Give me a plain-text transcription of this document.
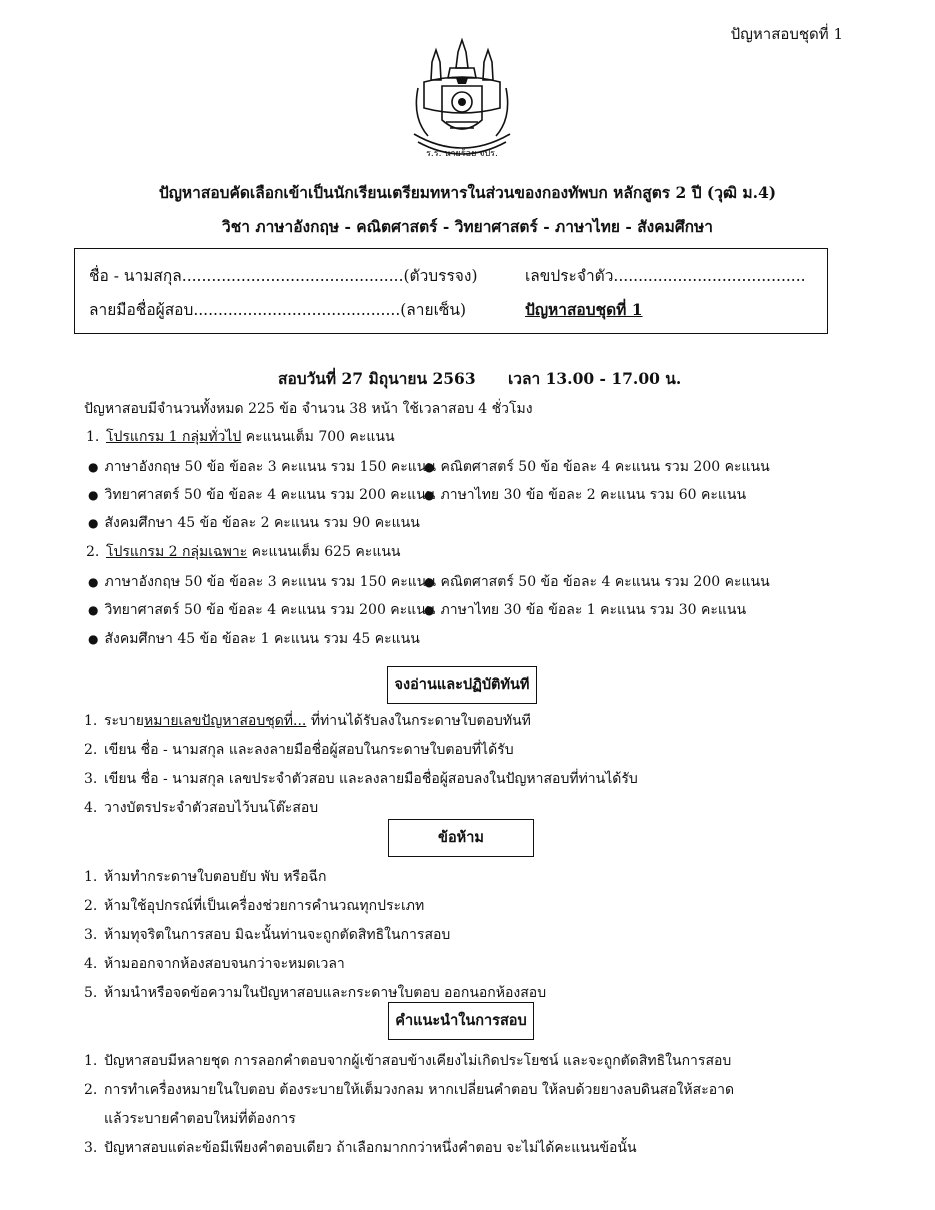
ปัญหาสอบชุดที่ 1
ร.ร. นายร้อย จปร.
ปัญหาสอบคัดเลือกเข้าเป็นนักเรียนเตรียมทหารในส่วนของกองทัพบก หลักสูตร 2 ปี (วุฒิ ม.4)
วิชา ภาษาอังกฤษ - คณิตศาสตร์ - วิทยาศาสตร์ - ภาษาไทย - สังคมศึกษา
ชื่อ - นามสกุล.............................................(ตัวบรรจง)	เลขประจำตัว.......................................
ลายมือชื่อผู้สอบ..........................................(ลายเซ็น)	ปัญหาสอบชุดที่ 1
สอบวันที่ 27 มิถุนายน 2563 เวลา 13.00 - 17.00 น.
ปัญหาสอบมีจำนวนทั้งหมด 225 ข้อ จำนวน 38 หน้า ใช้เวลาสอบ 4 ชั่วโมง
1. โปรแกรม 1 กลุ่มทั่วไป คะแนนเต็ม 700 คะแนน
● ภาษาอังกฤษ 50 ข้อ ข้อละ 3 คะแนน รวม 150 คะแนน ● คณิตศาสตร์ 50 ข้อ ข้อละ 4 คะแนน รวม 200 คะแนน
● วิทยาศาสตร์ 50 ข้อ ข้อละ 4 คะแนน รวม 200 คะแนน ● ภาษาไทย 30 ข้อ ข้อละ 2 คะแนน รวม 60 คะแนน
● สังคมศึกษา 45 ข้อ ข้อละ 2 คะแนน รวม 90 คะแนน
2. โปรแกรม 2 กลุ่มเฉพาะ คะแนนเต็ม 625 คะแนน
● ภาษาอังกฤษ 50 ข้อ ข้อละ 3 คะแนน รวม 150 คะแนน ● คณิตศาสตร์ 50 ข้อ ข้อละ 4 คะแนน รวม 200 คะแนน
● วิทยาศาสตร์ 50 ข้อ ข้อละ 4 คะแนน รวม 200 คะแนน ● ภาษาไทย 30 ข้อ ข้อละ 1 คะแนน รวม 30 คะแนน
● สังคมศึกษา 45 ข้อ ข้อละ 1 คะแนน รวม 45 คะแนน
จงอ่านและปฏิบัติทันที
1. ระบายหมายเลขปัญหาสอบชุดที่... ที่ท่านได้รับลงในกระดาษใบตอบทันที
2. เขียน ชื่อ - นามสกุล และลงลายมือชื่อผู้สอบในกระดาษใบตอบที่ได้รับ
3. เขียน ชื่อ - นามสกุล เลขประจำตัวสอบ และลงลายมือชื่อผู้สอบลงในปัญหาสอบที่ท่านได้รับ
4. วางบัตรประจำตัวสอบไว้บนโต๊ะสอบ
ข้อห้าม
1. ห้ามทำกระดาษใบตอบยับ พับ หรือฉีก
2. ห้ามใช้อุปกรณ์ที่เป็นเครื่องช่วยการคำนวณทุกประเภท
3. ห้ามทุจริตในการสอบ มิฉะนั้นท่านจะถูกตัดสิทธิในการสอบ
4. ห้ามออกจากห้องสอบจนกว่าจะหมดเวลา
5. ห้ามนำหรือจดข้อความในปัญหาสอบและกระดาษใบตอบ ออกนอกห้องสอบ
คำแนะนำในการสอบ
1. ปัญหาสอบมีหลายชุด การลอกคำตอบจากผู้เข้าสอบข้างเคียงไม่เกิดประโยชน์ และจะถูกตัดสิทธิในการสอบ
2. การทำเครื่องหมายในใบตอบ ต้องระบายให้เต็มวงกลม หากเปลี่ยนคำตอบ ให้ลบด้วยยางลบดินสอให้สะอาด
แล้วระบายคำตอบใหม่ที่ต้องการ
3. ปัญหาสอบแต่ละข้อมีเพียงคำตอบเดียว ถ้าเลือกมากกว่าหนึ่งคำตอบ จะไม่ได้คะแนนข้อนั้น
